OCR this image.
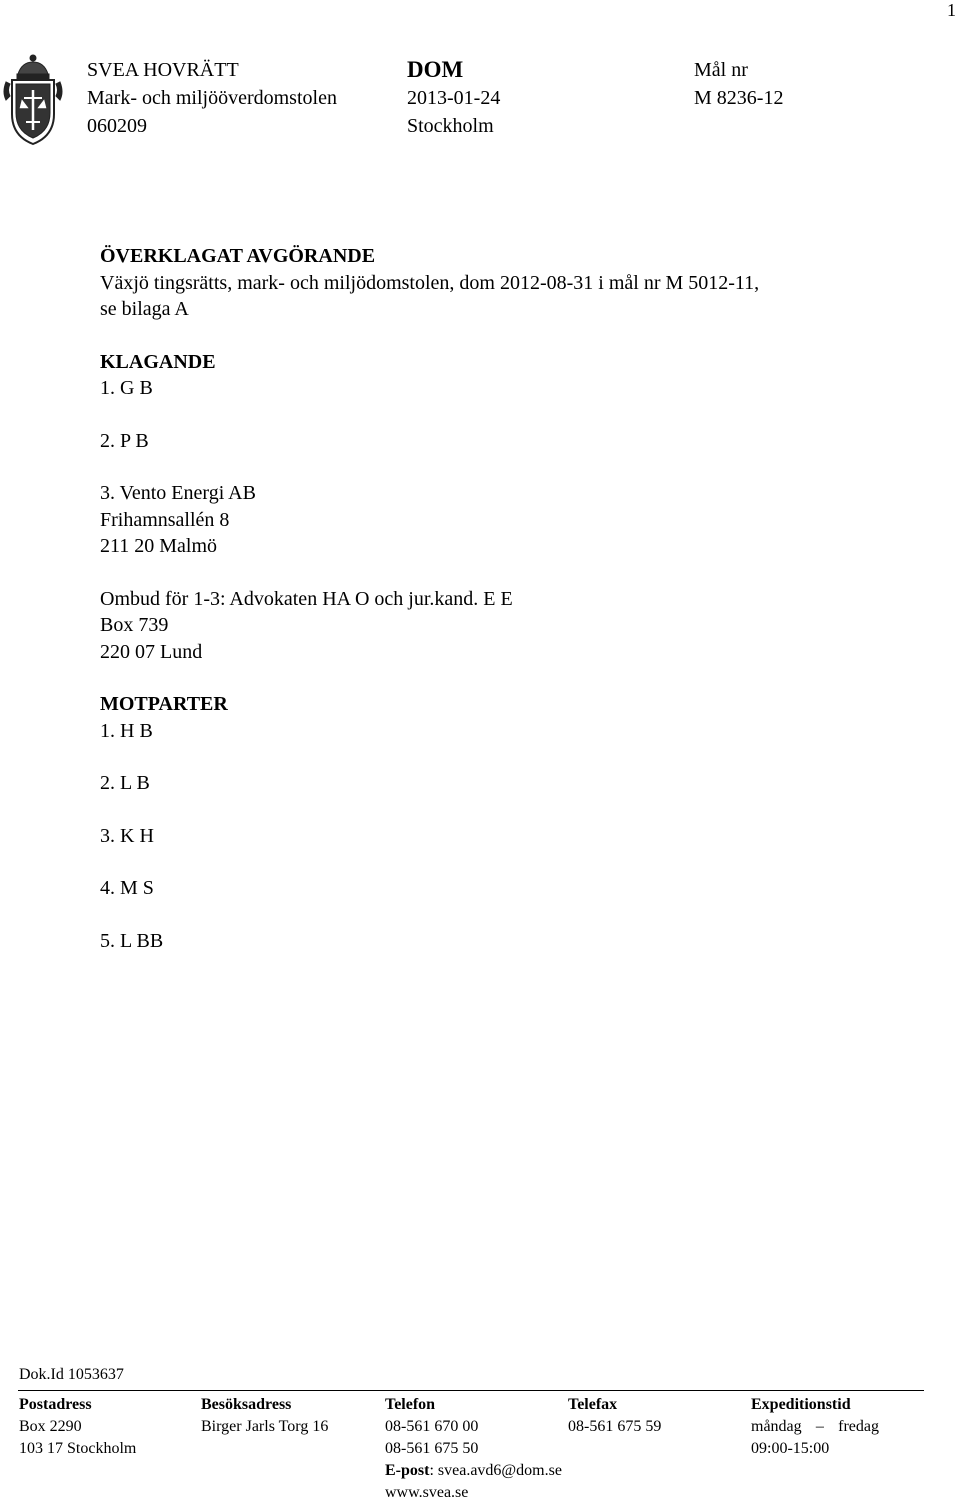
1
SVEA HOVRÄTT
Mark- och miljööverdomstolen
060209
DOM
2013-01-24
Stockholm
Mål nr
M 8236-12
ÖVERKLAGAT AVGÖRANDE
Växjö tingsrätts, mark- och miljödomstolen, dom 2012-08-31 i mål nr M 5012-11,
se bilaga A
KLAGANDE
1. G B
2. P B
3. Vento Energi AB
Frihamnsallén 8
211 20 Malmö
Ombud för 1-3: Advokaten HA O och jur.kand. E E
Box 739
220 07 Lund
MOTPARTER
1. H B
2. L B
3. K H
4. M S
5. L BB
Dok.Id 1053637
Postadress
Box 2290
103 17 Stockholm
Besöksadress
Birger Jarls Torg 16
Telefon
08-561 670 00
08-561 675 50
E-post: svea.avd6@dom.se
www.svea.se
Telefax
08-561 675 59
Expeditionstid
måndag – fredag
09:00-15:00
